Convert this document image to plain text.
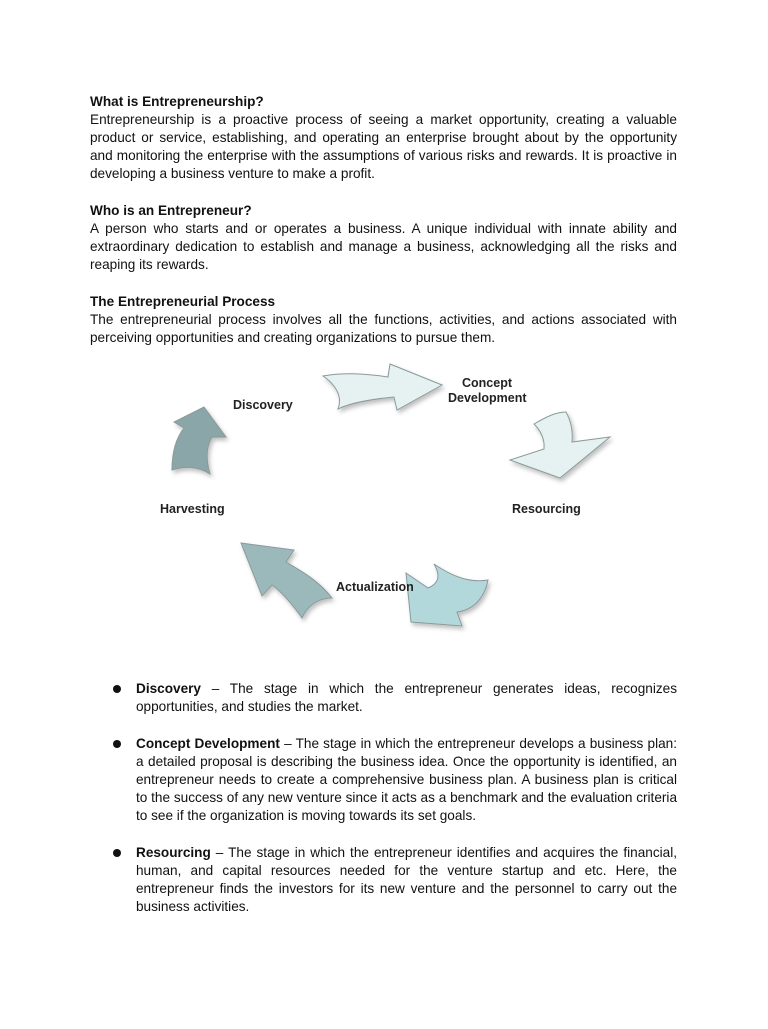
What is Entrepreneurship?

Entrepreneurship is a proactive process of seeing a market opportunity, creating a valuable product or service, establishing, and operating an enterprise brought about by the opportunity and monitoring the enterprise with the assumptions of various risks and rewards. It is proactive in developing a business venture to make a profit.

Who is an Entrepreneur?

A person who starts and or operates a business. A unique individual with innate ability and extraordinary dedication to establish and manage a business, acknowledging all the risks and reaping its rewards.

The Entrepreneurial Process

The entrepreneurial process involves all the functions, activities, and actions associated with perceiving opportunities and creating organizations to pursue them.

Discovery
Concept
Development
Resourcing
Actualization
Harvesting
Discovery – The stage in which the entrepreneur generates ideas, recognizes opportunities, and studies the market.
Concept Development – The stage in which the entrepreneur develops a business plan: a detailed proposal is describing the business idea. Once the opportunity is identified, an entrepreneur needs to create a comprehensive business plan. A business plan is critical to the success of any new venture since it acts as a benchmark and the evaluation criteria to see if the organization is moving towards its set goals.
Resourcing – The stage in which the entrepreneur identifies and acquires the financial, human, and capital resources needed for the venture startup and etc. Here, the entrepreneur finds the investors for its new venture and the personnel to carry out the business activities.
